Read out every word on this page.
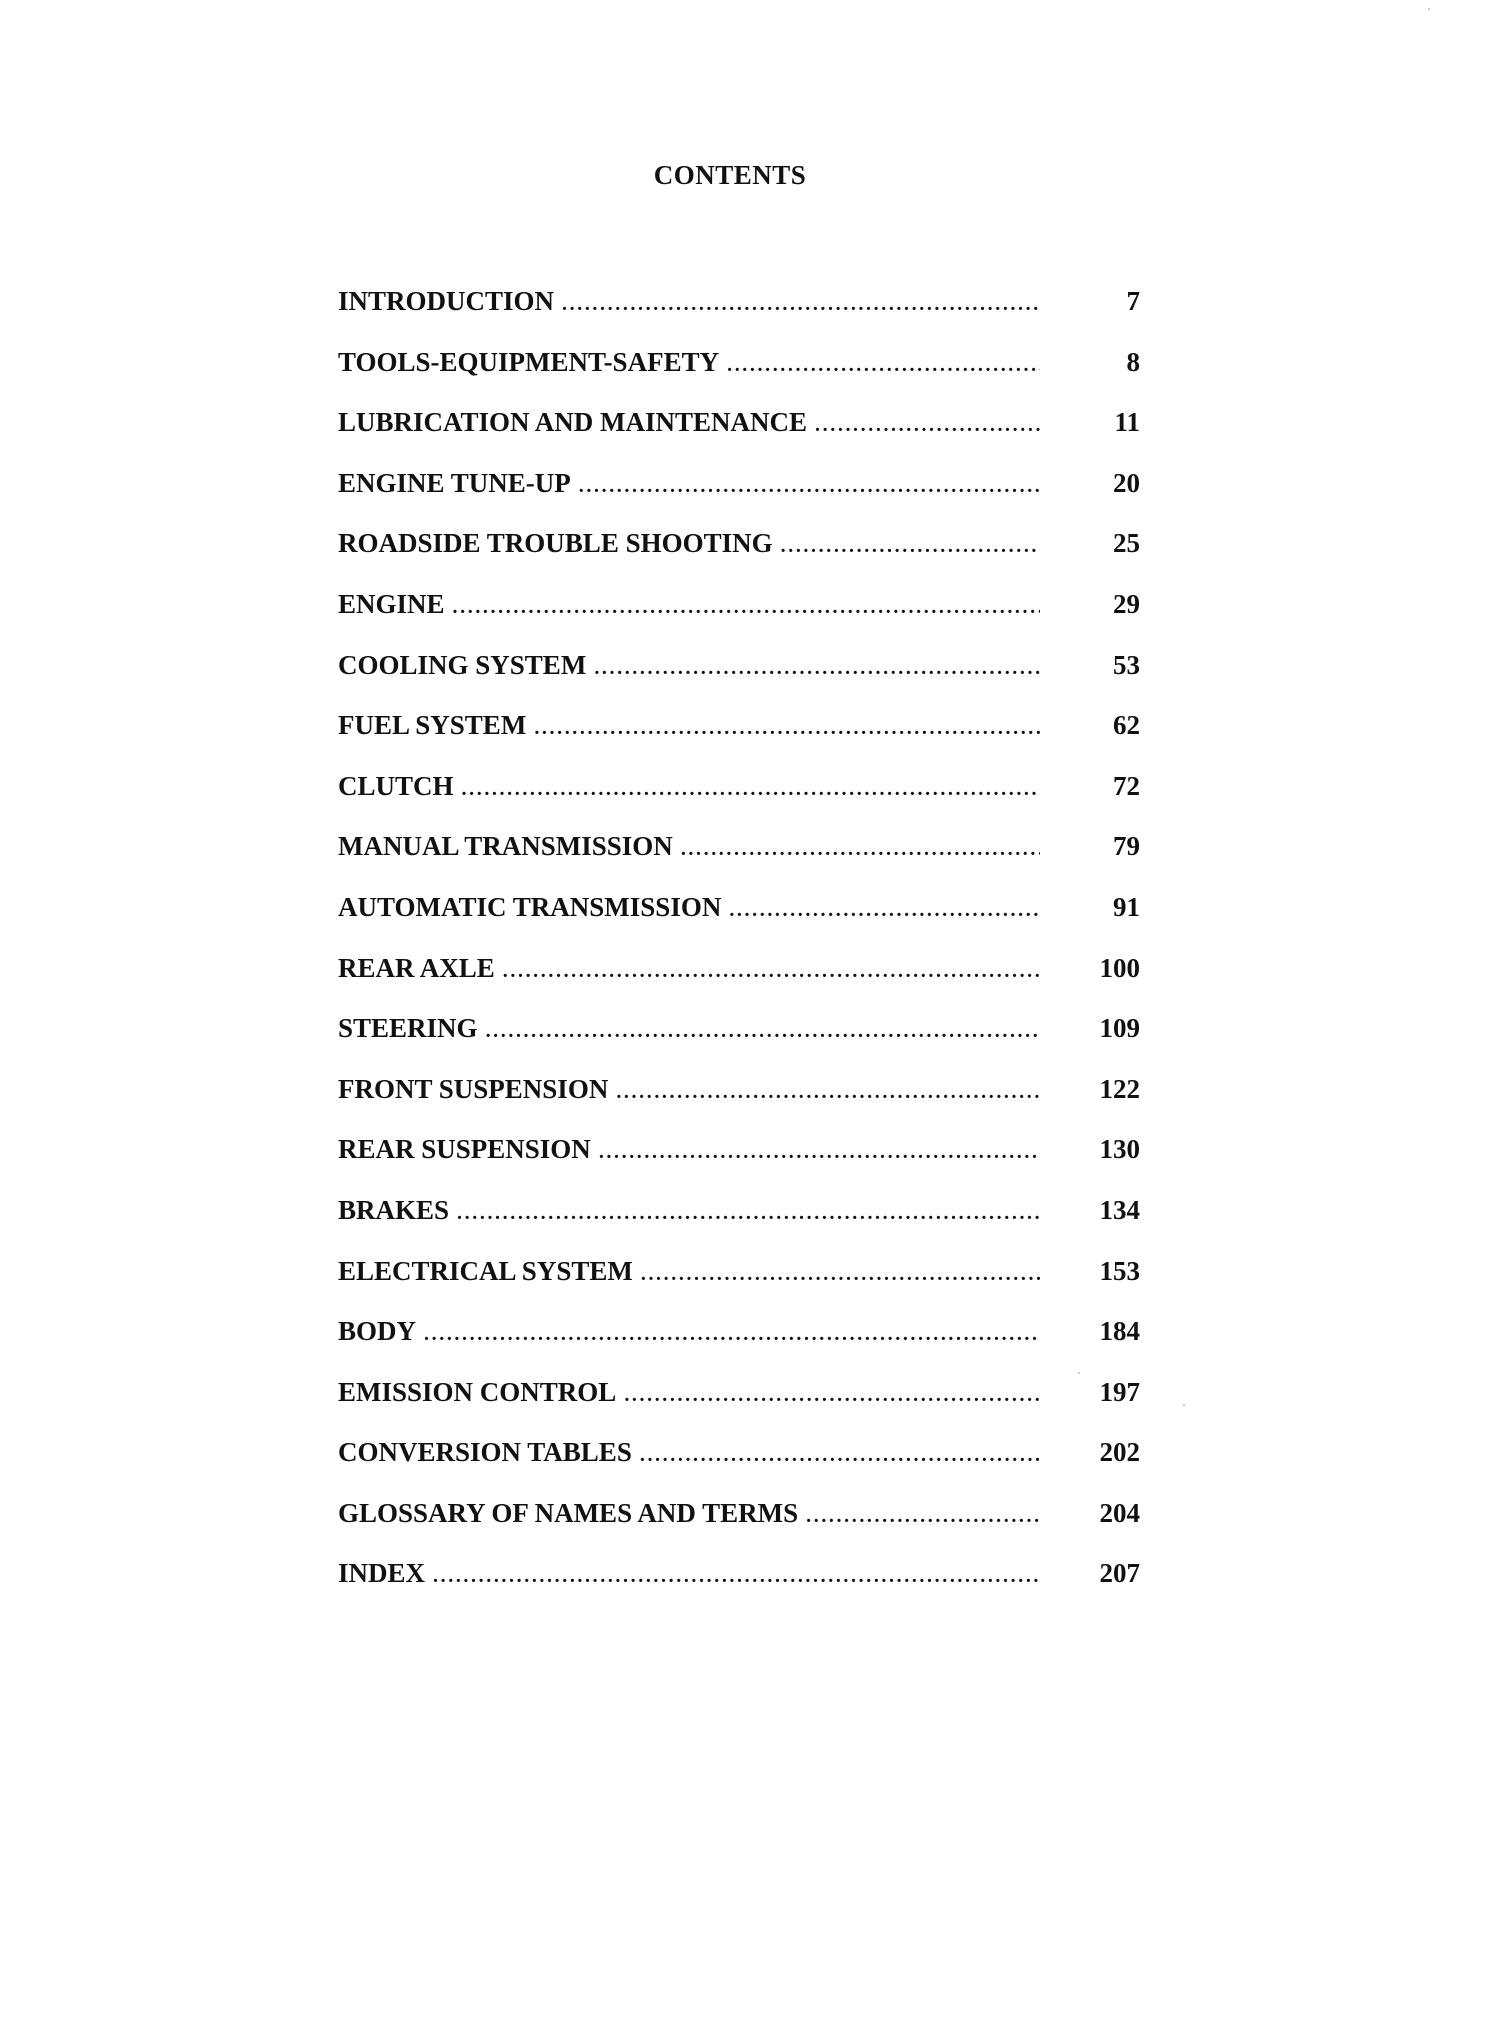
CONTENTS
INTRODUCTION .....	7
TOOLS-EQUIPMENT-SAFETY .....	8
LUBRICATION AND MAINTENANCE .....	11
ENGINE TUNE-UP .....	20
ROADSIDE TROUBLE SHOOTING .....	25
ENGINE .....	29
COOLING SYSTEM .....	53
FUEL SYSTEM .....	62
CLUTCH .....	72
MANUAL TRANSMISSION .....	79
AUTOMATIC TRANSMISSION .....	91
REAR AXLE .....	100
STEERING .....	109
FRONT SUSPENSION .....	122
REAR SUSPENSION .....	130
BRAKES .....	134
ELECTRICAL SYSTEM .....	153
BODY .....	184
EMISSION CONTROL .....	197
CONVERSION TABLES .....	202
GLOSSARY OF NAMES AND TERMS .....	204
INDEX .....	207
